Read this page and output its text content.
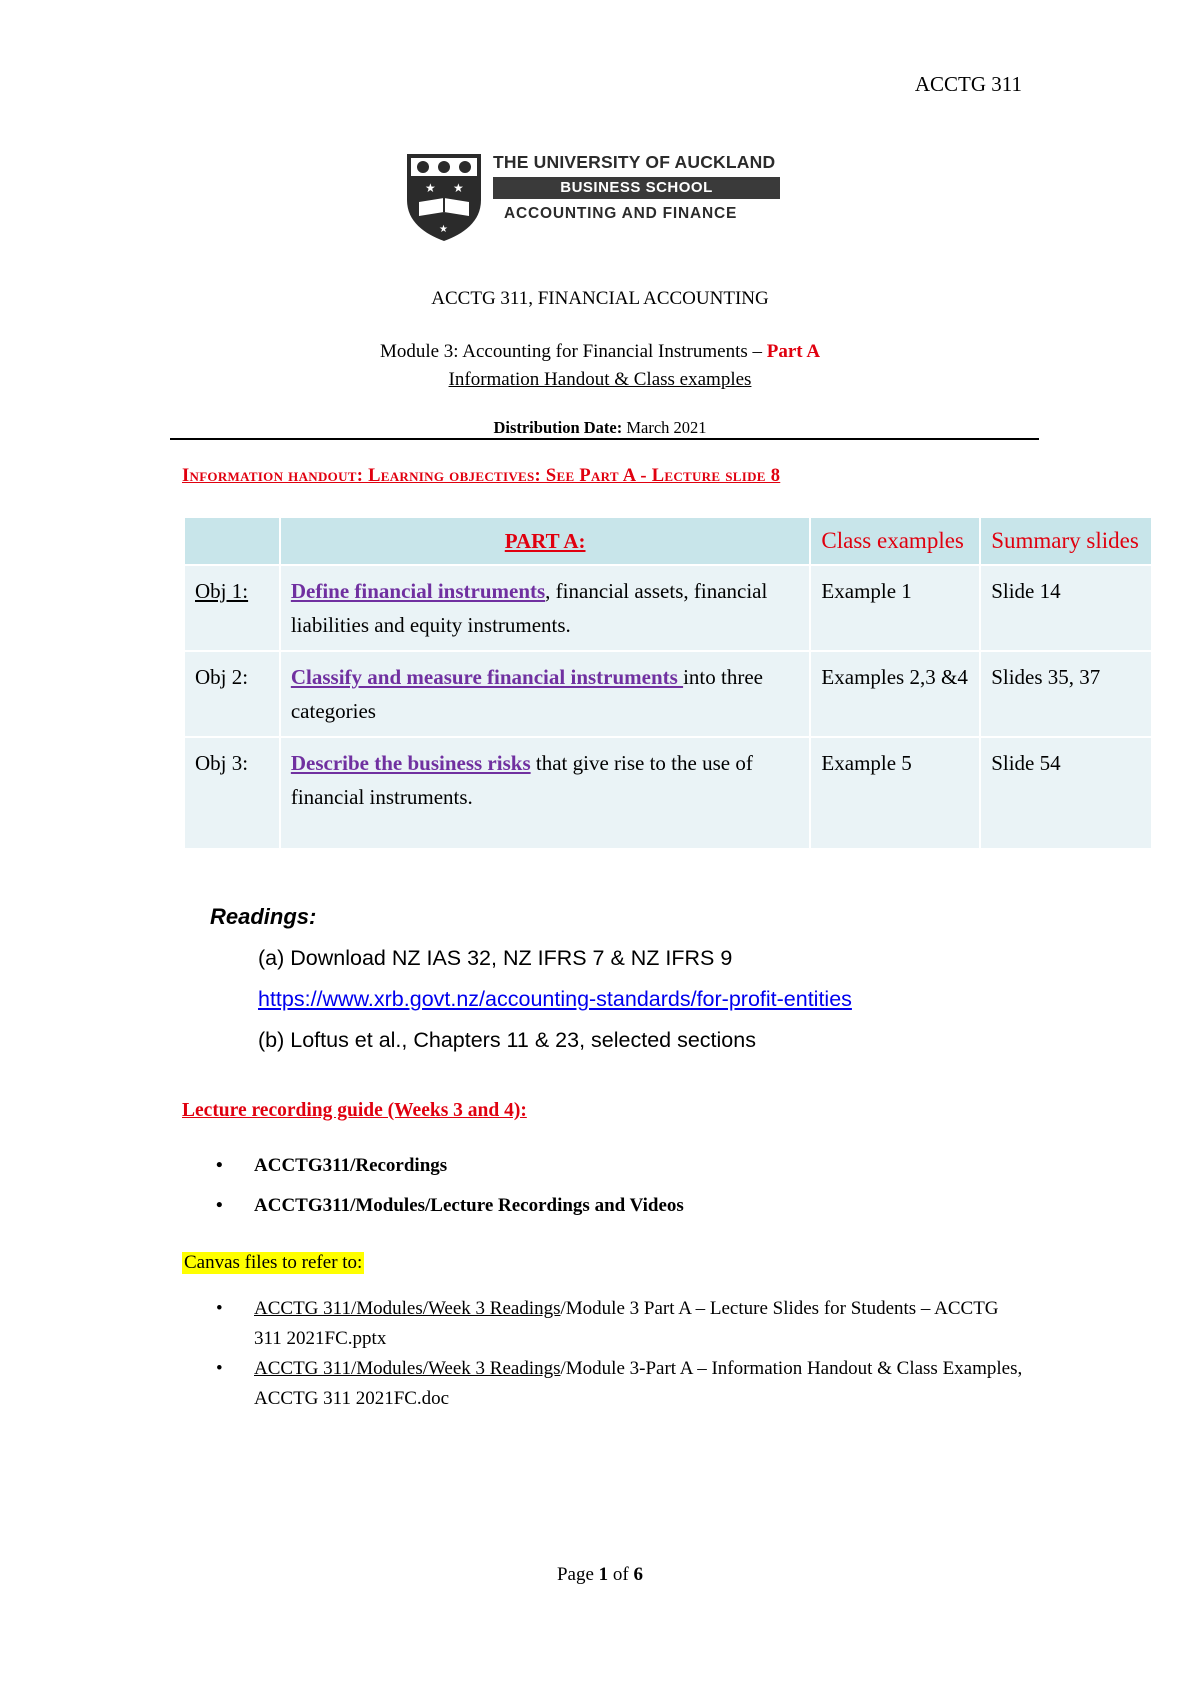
ACCTG 311
★ ★
★
THE UNIVERSITY OF AUCKLAND
BUSINESS SCHOOL
ACCOUNTING AND FINANCE
ACCTG 311, FINANCIAL ACCOUNTING
Module 3: Accounting for Financial Instruments – Part A
Information Handout & Class examples
Distribution Date: March 2021
Information handout: Learning objectives: See Part A - Lecture slide 8
	PART A:	Class examples	Summary slides
Obj 1:	Define financial instruments, financial assets, financial liabilities and equity instruments.	Example 1	Slide 14
Obj 2:	Classify and measure financial instruments into three categories	Examples 2,3 &4	Slides 35, 37
Obj 3:	Describe the business risks that give rise to the use of financial instruments.	Example 5	Slide 54
Readings:
(a) Download NZ IAS 32, NZ IFRS 7 & NZ IFRS 9
https://www.xrb.govt.nz/accounting-standards/for-profit-entities
(b) Loftus et al., Chapters 11 & 23, selected sections
Lecture recording guide (Weeks 3 and 4):
• ACCTG311/Recordings
• ACCTG311/Modules/Lecture Recordings and Videos
Canvas files to refer to:
• ACCTG 311/Modules/Week 3 Readings/Module 3 Part A – Lecture Slides for Students – ACCTG 311 2021FC.pptx
• ACCTG 311/Modules/Week 3 Readings/Module 3-Part A – Information Handout & Class Examples, ACCTG 311 2021FC.doc
Page 1 of 6
